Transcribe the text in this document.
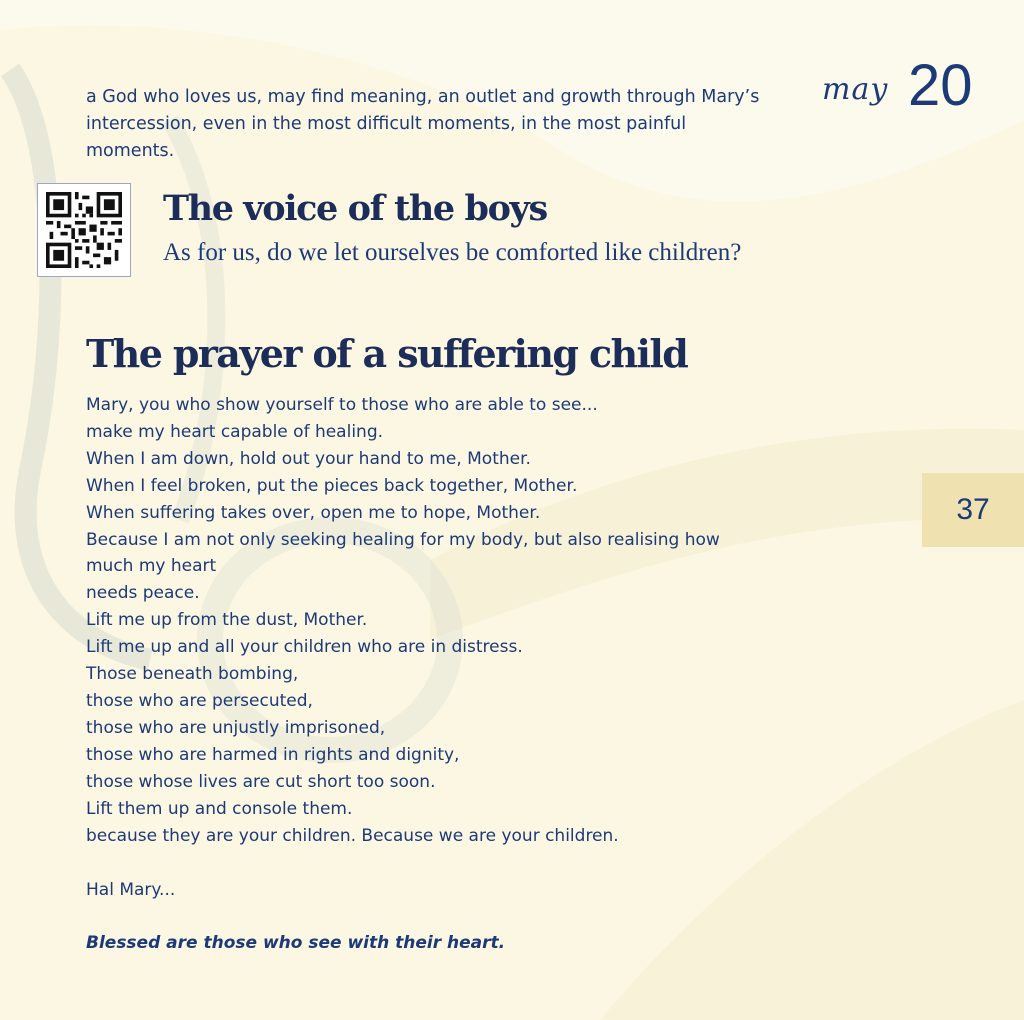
a God who loves us, may find meaning, an outlet and growth through Mary’s intercession, even in the most difficult moments, in the most painful moments.

may 20
The voice of the boys

As for us, do we let ourselves be comforted like children?

The prayer of a suffering child
Mary, you who show yourself to those who are able to see...
make my heart capable of healing.
When I am down, hold out your hand to me, Mother.
When I feel broken, put the pieces back together, Mother.
When suffering takes over, open me to hope, Mother.
Because I am not only seeking healing for my body, but also realising how
much my heart
needs peace.
Lift me up from the dust, Mother.
Lift me up and all your children who are in distress.
Those beneath bombing,
those who are persecuted,
those who are unjustly imprisoned,
those who are harmed in rights and dignity,
those whose lives are cut short too soon.
Lift them up and console them.
because they are your children. Because we are your children.
Hal Mary...
Blessed are those who see with their heart.
37
